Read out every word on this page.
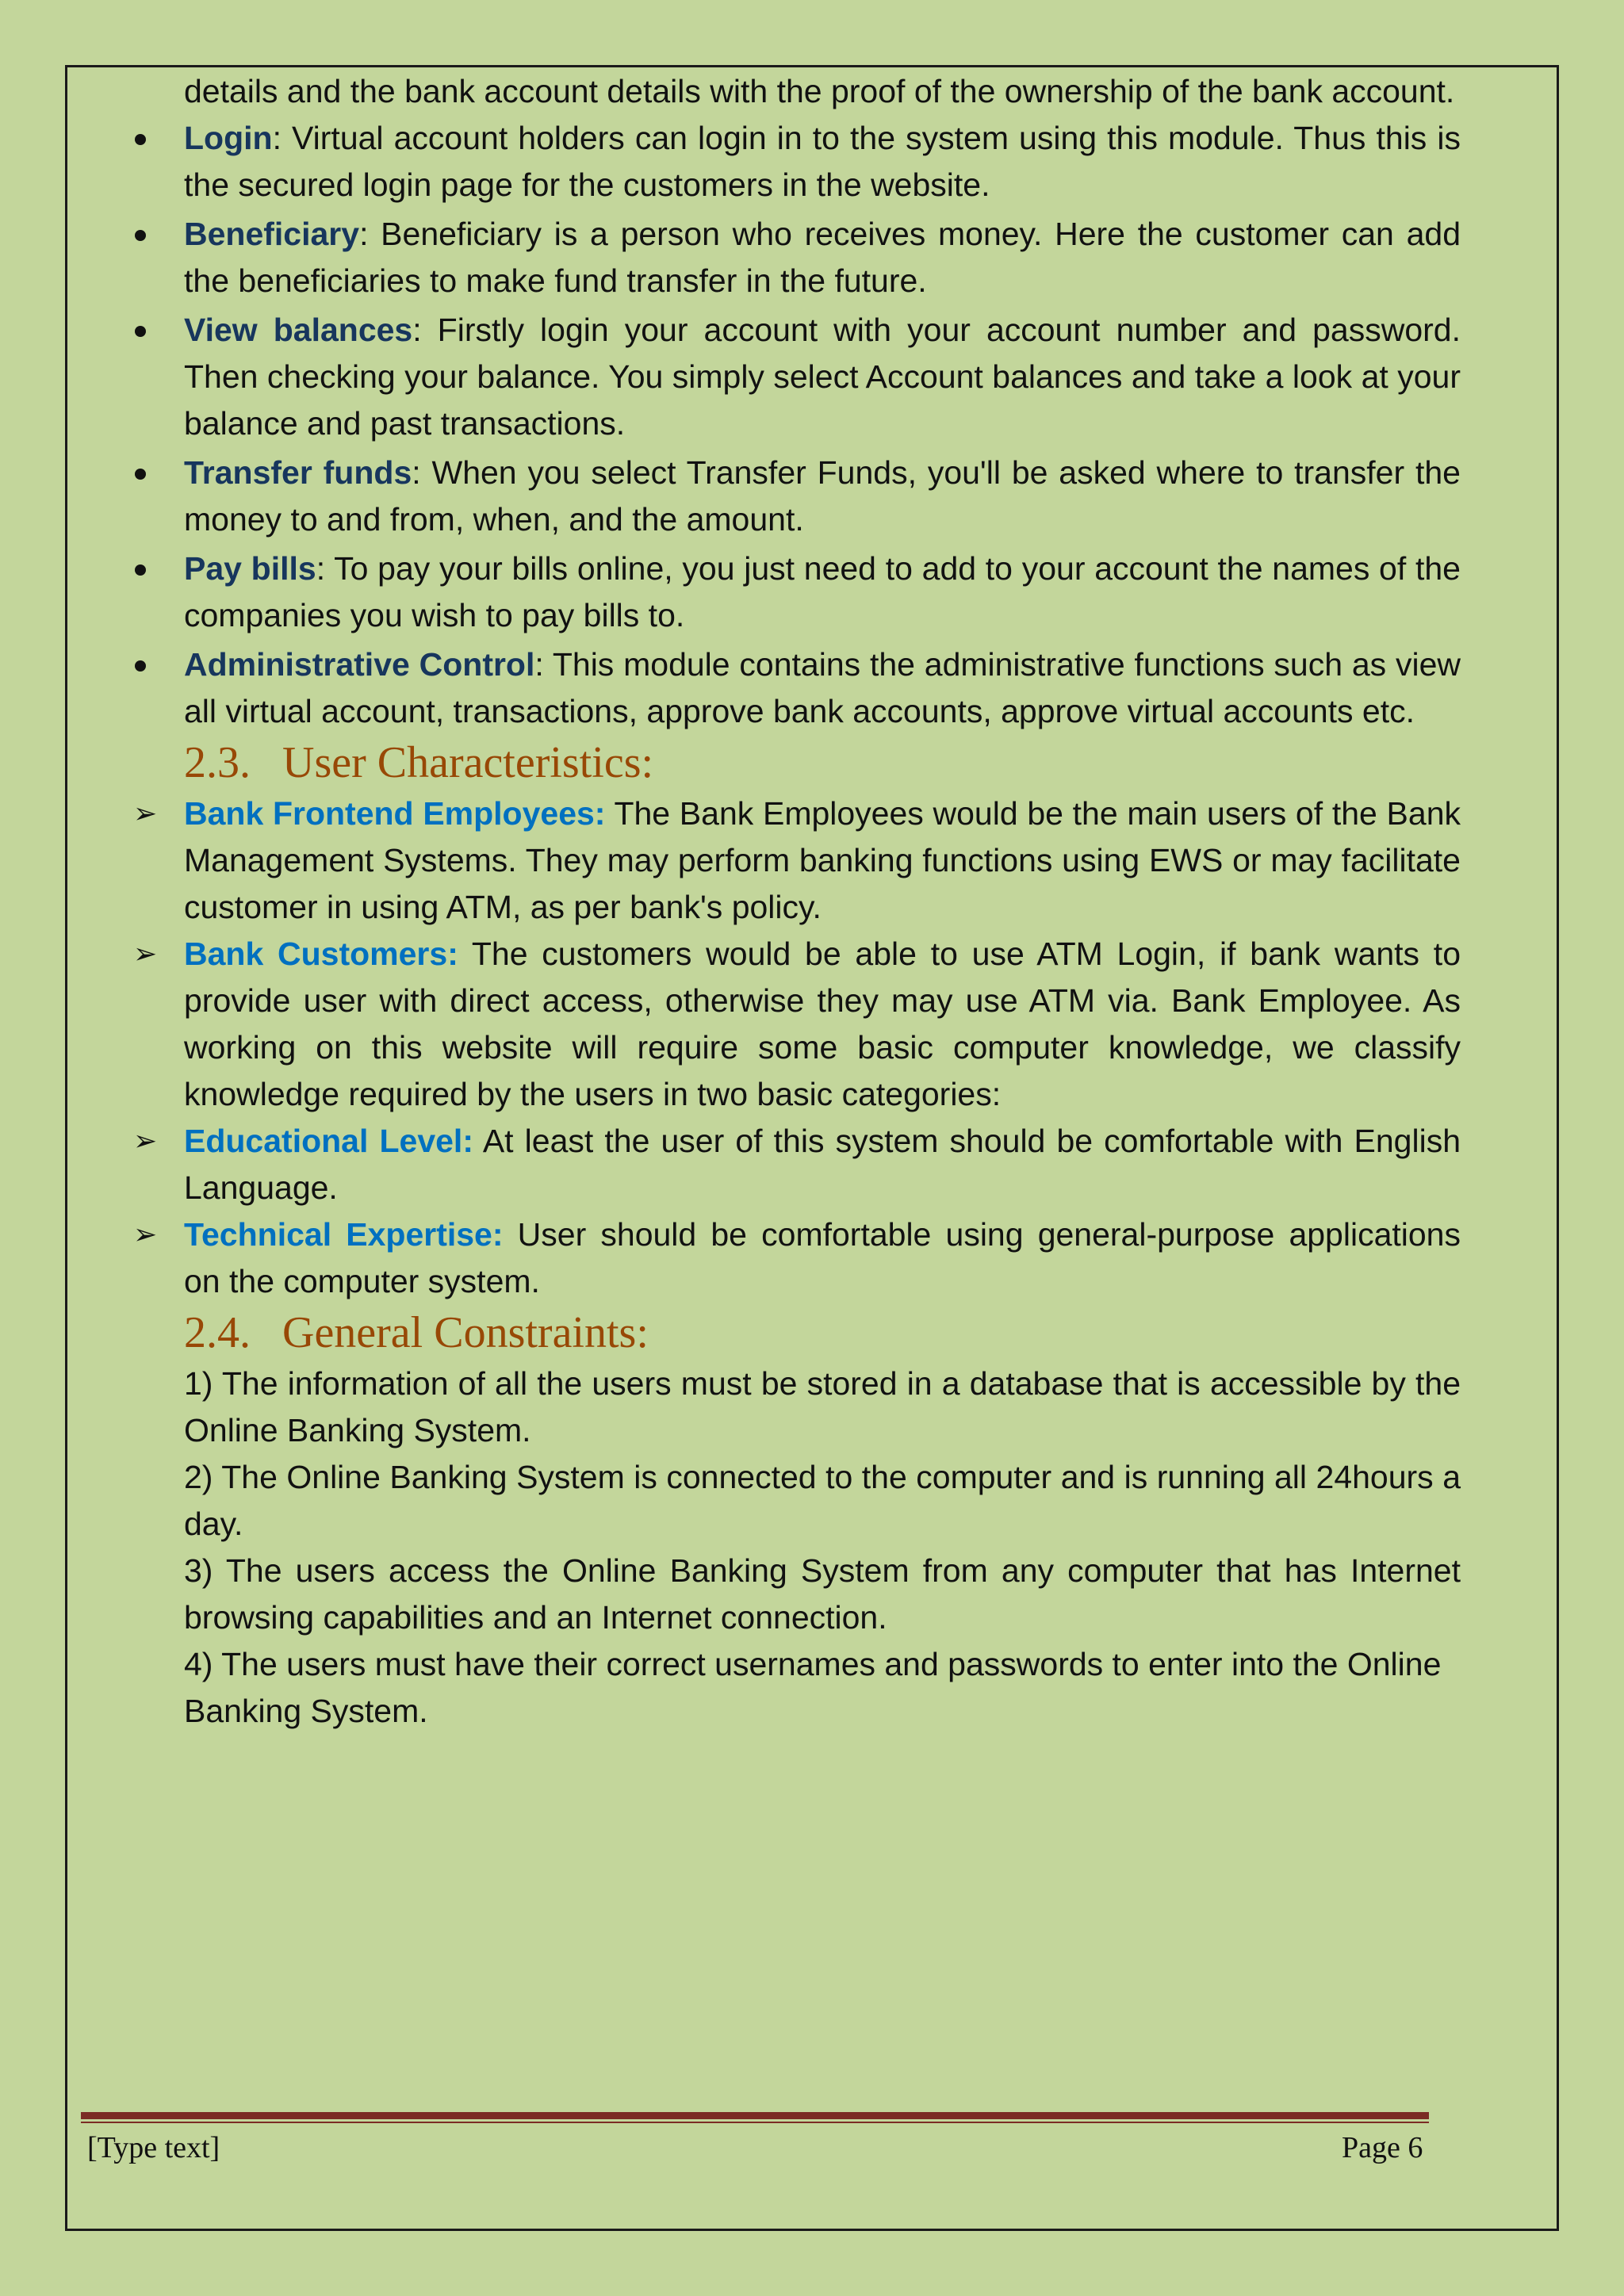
details and the bank account details with the proof of the ownership of the bank account.

Login: Virtual account holders can login in to the system using this module. Thus this is the secured login page for the customers in the website.
Beneficiary: Beneficiary is a person who receives money. Here the customer can add the beneficiaries to make fund transfer in the future.
View balances: Firstly login your account with your account number and password. Then checking your balance. You simply select Account balances and take a look at your balance and past transactions.
Transfer funds: When you select Transfer Funds, you'll be asked where to transfer the money to and from, when, and the amount.
Pay bills: To pay your bills online, you just need to add to your account the names of the companies you wish to pay bills to.
Administrative Control: This module contains the administrative functions such as view all virtual account, transactions, approve bank accounts, approve virtual accounts etc.
2.3. User Characteristics:
➢ Bank Frontend Employees: The Bank Employees would be the main users of the Bank Management Systems. They may perform banking functions using EWS or may facilitate customer in using ATM, as per bank's policy.
➢ Bank Customers: The customers would be able to use ATM Login, if bank wants to provide user with direct access, otherwise they may use ATM via. Bank Employee. As working on this website will require some basic computer knowledge, we classify knowledge required by the users in two basic categories:
➢ Educational Level: At least the user of this system should be comfortable with English Language.
➢ Technical Expertise: User should be comfortable using general-purpose applications on the computer system.
2.4. General Constraints:

1) The information of all the users must be stored in a database that is accessible by the Online Banking System.

2) The Online Banking System is connected to the computer and is running all 24hours a day.

3) The users access the Online Banking System from any computer that has Internet browsing capabilities and an Internet connection.

4) The users must have their correct usernames and passwords to enter into the Online Banking System.

[Type text]	Page 6
